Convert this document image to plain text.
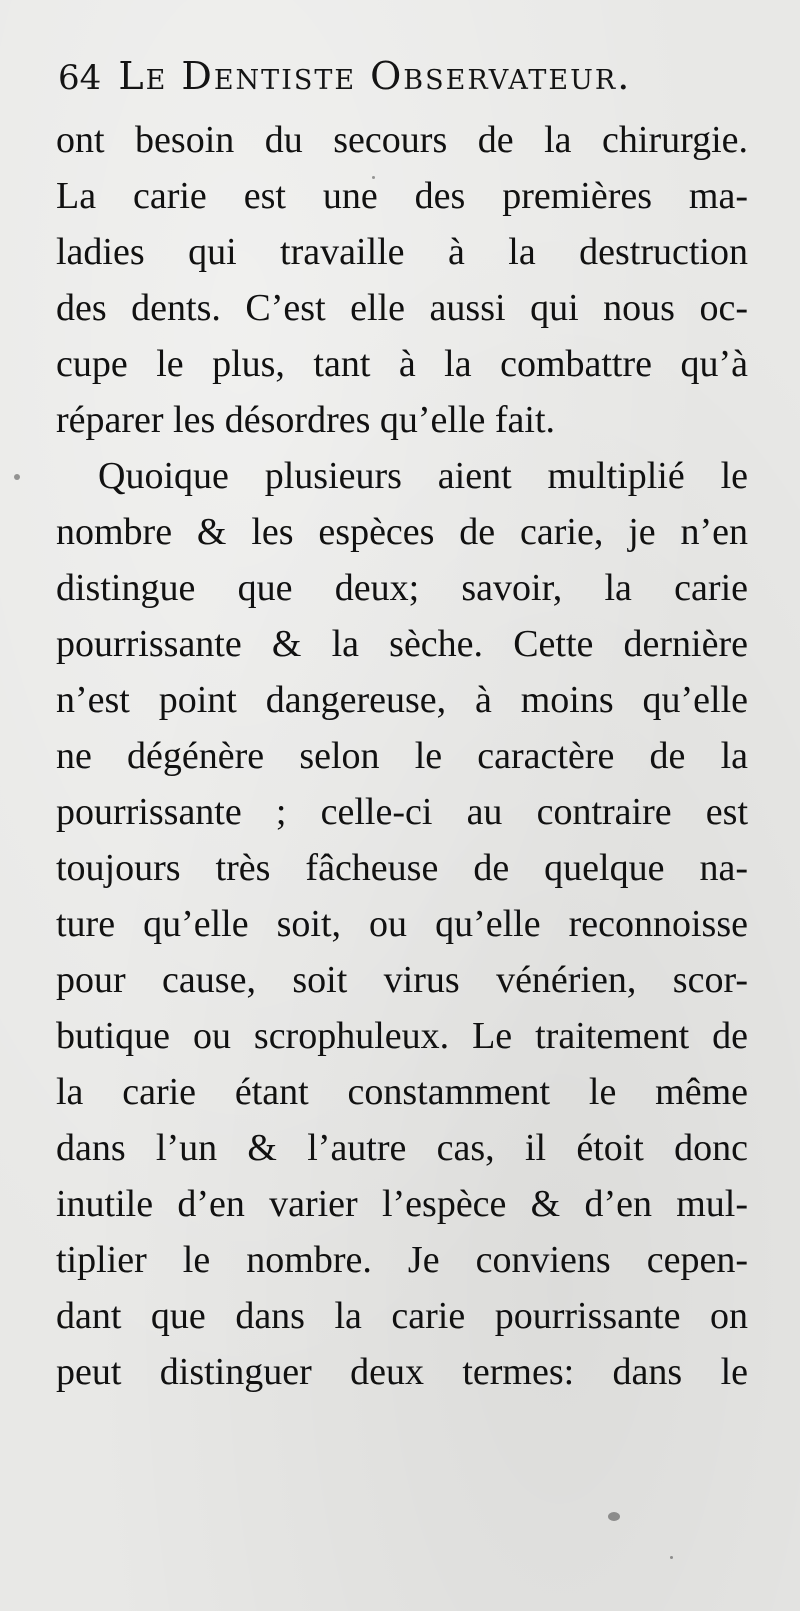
64 Le Dentiste Observateur.
ont besoin du secours de la chirurgie.
La carie est une des premières ma-
ladies qui travaille à la destruction
des dents. C’est elle aussi qui nous oc-
cupe le plus, tant à la combattre qu’à
réparer les désordres qu’elle fait.
Quoique plusieurs aient multiplié le
nombre & les espèces de carie, je n’en
distingue que deux; savoir, la carie
pourrissante & la sèche. Cette dernière
n’est point dangereuse, à moins qu’elle
ne dégénère selon le caractère de la
pourrissante ; celle-ci au contraire est
toujours très fâcheuse de quelque na-
ture qu’elle soit, ou qu’elle reconnoisse
pour cause, soit virus vénérien, scor-
butique ou scrophuleux. Le traitement de
la carie étant constamment le même
dans l’un & l’autre cas, il étoit donc
inutile d’en varier l’espèce & d’en mul-
tiplier le nombre. Je conviens cepen-
dant que dans la carie pourrissante on
peut distinguer deux termes: dans le
